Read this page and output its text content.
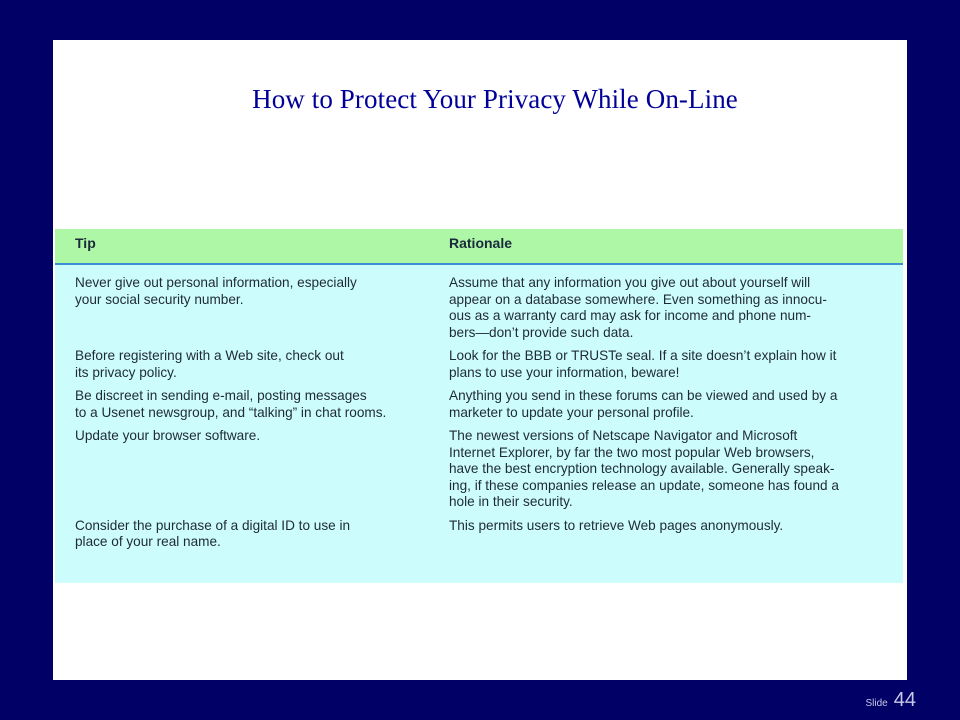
How to Protect Your Privacy While On-Line
Tip	Rationale
Never give out personal information, especially
your social security number.
Assume that any information you give out about yourself will
appear on a database somewhere. Even something as innocu-
ous as a warranty card may ask for income and phone num-
bers—don’t provide such data.
Before registering with a Web site, check out
its privacy policy.
Look for the BBB or TRUSTe seal. If a site doesn’t explain how it
plans to use your information, beware!
Be discreet in sending e-mail, posting messages
to a Usenet newsgroup, and “talking” in chat rooms.
Anything you send in these forums can be viewed and used by a
marketer to update your personal profile.
Update your browser software.	The newest versions of Netscape Navigator and Microsoft
Internet Explorer, by far the two most popular Web browsers,
have the best encryption technology available. Generally speak-
ing, if these companies release an update, someone has found a
hole in their security.
Consider the purchase of a digital ID to use in
place of your real name.
This permits users to retrieve Web pages anonymously.
Slide 44
